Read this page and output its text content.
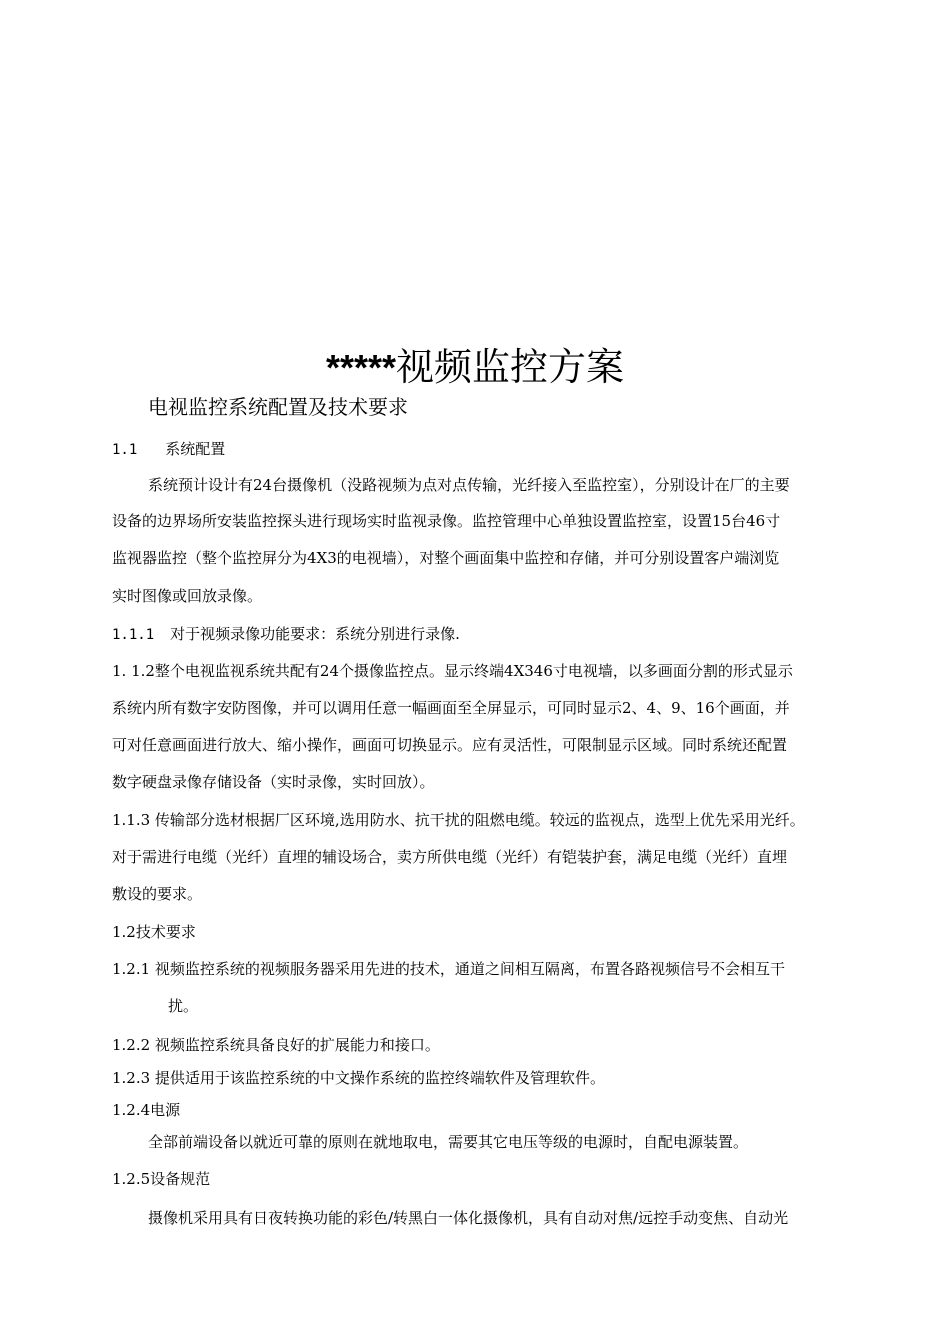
*****视频监控方案
电视监控系统配置及技术要求
1.1 系统配置
系统预计设计有24台摄像机（没路视频为点对点传输，光纤接入至监控室），分别设计在厂的主要
设备的边界场所安装监控探头进行现场实时监视录像。监控管理中心单独设置监控室，设置15台46寸
监视器监控（整个监控屏分为4X3的电视墙），对整个画面集中监控和存储，并可分别设置客户端浏览
实时图像或回放录像。
1.1.1 对于视频录像功能要求：系统分别进行录像.
1. 1.2整个电视监视系统共配有24个摄像监控点。显示终端4X346寸电视墙，以多画面分割的形式显示
系统内所有数字安防图像，并可以调用任意一幅画面至全屏显示，可同时显示2、4、9、16个画面，并
可对任意画面进行放大、缩小操作，画面可切换显示。应有灵活性，可限制显示区域。同时系统还配置
数字硬盘录像存储设备（实时录像，实时回放）。
1.1.3 传输部分选材根据厂区环境,选用防水、抗干扰的阻燃电缆。较远的监视点，选型上优先采用光纤。
对于需进行电缆（光纤）直埋的辅设场合，卖方所供电缆（光纤）有铠装护套，满足电缆（光纤）直埋
敷设的要求。
1.2技术要求
1.2.1 视频监控系统的视频服务器采用先进的技术，通道之间相互隔离，布置各路视频信号不会相互干
扰。
1.2.2 视频监控系统具备良好的扩展能力和接口。
1.2.3 提供适用于该监控系统的中文操作系统的监控终端软件及管理软件。
1.2.4电源
全部前端设备以就近可靠的原则在就地取电，需要其它电压等级的电源时，自配电源装置。
1.2.5设备规范
摄像机采用具有日夜转换功能的彩色/转黑白一体化摄像机，具有自动对焦/远控手动变焦、自动光
